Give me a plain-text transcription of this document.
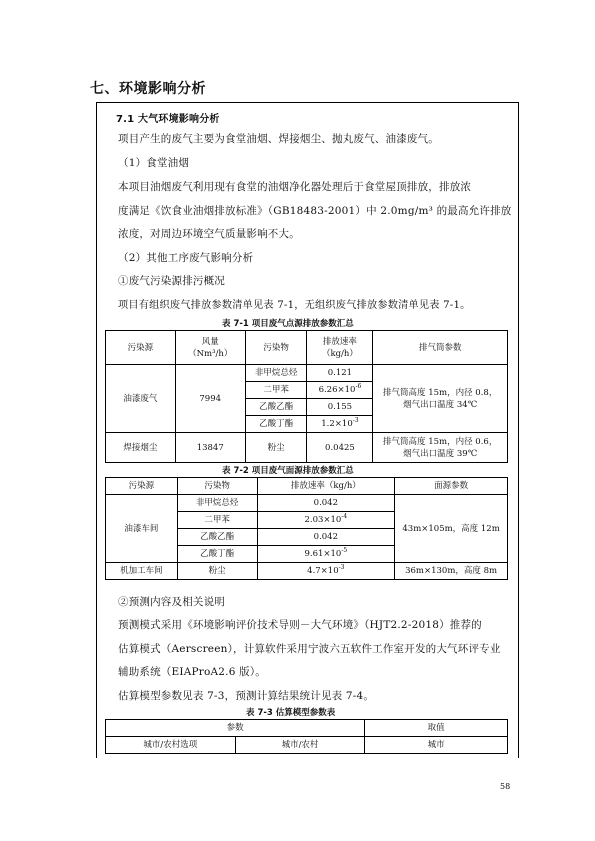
七、环境影响分析
7.1 大气环境影响分析
项目产生的废气主要为食堂油烟、焊接烟尘、抛丸废气、油漆废气。
（1）食堂油烟
本项目油烟废气利用现有食堂的油烟净化器处理后于食堂屋顶排放，排放浓
度满足《饮食业油烟排放标准》（GB18483-2001）中 2.0mg/m³ 的最高允许排放
浓度，对周边环境空气质量影响不大。
（2）其他工序废气影响分析
①废气污染源排污概况
项目有组织废气排放参数清单见表 7-1，无组织废气排放参数清单见表 7-1。
表 7-1 项目废气点源排放参数汇总
污染源	风量
（Nm³/h）	污染物	排放速率
（kg/h）	排气筒参数
油漆废气	7994	非甲烷总烃	0.121	排气筒高度 15m，内径 0.8，
烟气出口温度 34℃
		二甲苯	$6.26\times 10^{-6}$
		乙酸乙酯	0.155	
		乙酸丁酯	$1.2\times 10^{-3}$
焊接烟尘	13847	粉尘	0.0425	排气筒高度 15m，内径 0.6，
烟气出口温度 39℃
表 7-2 项目废气面源排放参数汇总
污染源	污染物	排放速率（kg/h）	面源参数
油漆车间	非甲烷总烃	0.042	43m×105m，高度 12m
	二甲苯	$2.03\times 10^{-4}$
	乙酸乙酯	0.042	
	乙酸丁酯	$9.61\times 10^{-5}$
机加工车间	粉尘	$4.7\times 10^{-3}$	36m×130m，高度 8m
②预测内容及相关说明
预测模式采用《环境影响评价技术导则－大气环境》（HJT2.2-2018）推荐的
估算模式（Aerscreen），计算软件采用宁波六五软件工作室开发的大气环评专业
辅助系统（EIAProA2.6 版）。
估算模型参数见表 7-3，预测计算结果统计见表 7-4。
表 7-3 估算模型参数表
参数		取值
城市/农村选项	城市/农村	城市
58
